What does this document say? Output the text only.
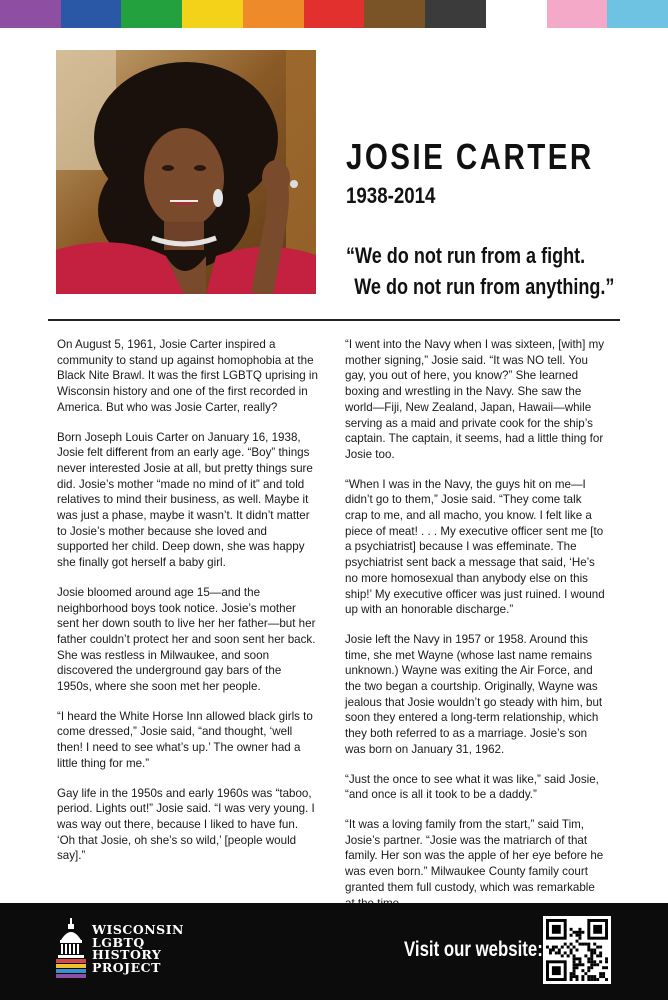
JOSIE CARTER
1938-2014
“We do not run from a fight.
We do not run from anything.”

On August 5, 1961, Josie Carter inspired a community to stand up against homophobia at the Black Nite Brawl. It was the first LGBTQ uprising in Wisconsin history and one of the first recorded in America. But who was Josie Carter, really?

Born Joseph Louis Carter on January 16, 1938, Josie felt different from an early age. “Boy” things never interested Josie at all, but pretty things sure did. Josie’s mother “made no mind of it” and told relatives to mind their business, as well. Maybe it was just a phase, maybe it wasn’t. It didn’t matter to Josie’s mother because she loved and supported her child. Deep down, she was happy she finally got herself a baby girl.

Josie bloomed around age 15—and the neighborhood boys took notice. Josie’s mother sent her down south to live her her father—but her father couldn’t protect her and soon sent her back. She was restless in Milwaukee, and soon discovered the underground gay bars of the 1950s, where she soon met her people.

“I heard the White Horse Inn allowed black girls to come dressed,” Josie said, “and thought, ‘well then! I need to see what’s up.’ The owner had a little thing for me.”

Gay life in the 1950s and early 1960s was “taboo, period. Lights out!” Josie said. “I was very young. I was way out there, because I liked to have fun. ‘Oh that Josie, oh she’s so wild,’ [people would say].”

“I went into the Navy when I was sixteen, [with] my mother signing,” Josie said. “It was NO tell. You gay, you out of here, you know?” She learned boxing and wrestling in the Navy. She saw the world—Fiji, New Zealand, Japan, Hawaii—while serving as a maid and private cook for the ship’s captain. The captain, it seems, had a little thing for Josie too.

“When I was in the Navy, the guys hit on me—I didn’t go to them,” Josie said. “They come talk crap to me, and all macho, you know. I felt like a piece of meat! . . . My executive officer sent me [to a psychiatrist] because I was effeminate. The psychiatrist sent back a message that said, ‘He’s no more homosexual than anybody else on this ship!’ My executive officer was just ruined. I wound up with an honorable discharge.”

Josie left the Navy in 1957 or 1958. Around this time, she met Wayne (whose last name remains unknown.) Wayne was exiting the Air Force, and the two began a courtship. Originally, Wayne was jealous that Josie wouldn’t go steady with him, but soon they entered a long-term relationship, which they both referred to as a marriage. Josie’s son was born on January 31, 1962.

“Just the once to see what it was like,” said Josie, “and once is all it took to be a daddy.”

“It was a loving family from the start,” said Tim, Josie’s partner. “Josie was the matriarch of that family. Her son was the apple of her eye before he was even born.” Milwaukee County family court granted them full custody, which was remarkable

WISCONSIN
LGBTQ
HISTORY
PROJECT
Visit our website:
